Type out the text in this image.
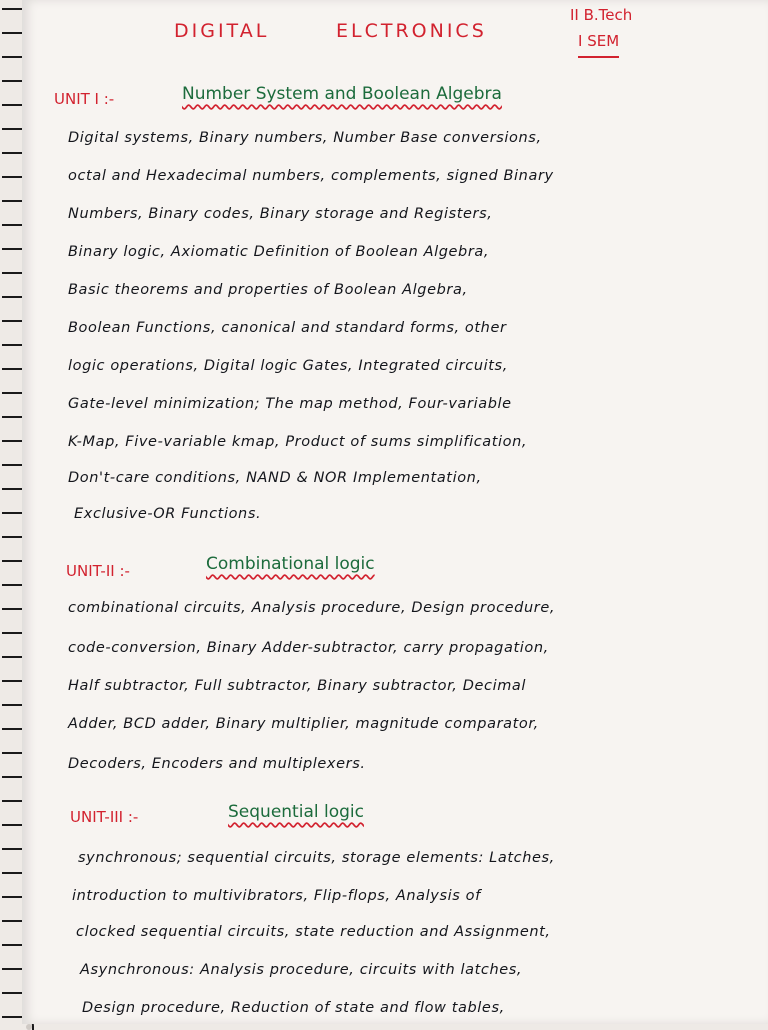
DIGITAL	ELCTRONICS
II B.Tech
I SEM
UNIT I :-	Number System and Boolean Algebra
Digital systems, Binary numbers, Number Base conversions,
octal and Hexadecimal numbers, complements, signed Binary
Numbers, Binary codes, Binary storage and Registers,
Binary logic, Axiomatic Definition of Boolean Algebra,
Basic theorems and properties of Boolean Algebra,
Boolean Functions, canonical and standard forms, other
logic operations, Digital logic Gates, Integrated circuits,
Gate-level minimization; The map method, Four-variable
K-Map, Five-variable kmap, Product of sums simplification,
Don't-care conditions, NAND & NOR Implementation,
Exclusive-OR Functions.
UNIT-II :-	Combinational logic
combinational circuits, Analysis procedure, Design procedure,
code-conversion, Binary Adder-subtractor, carry propagation,
Half subtractor, Full subtractor, Binary subtractor, Decimal
Adder, BCD adder, Binary multiplier, magnitude comparator,
Decoders, Encoders and multiplexers.
UNIT-III :-	Sequential logic
synchronous; sequential circuits, storage elements: Latches,
introduction to multivibrators, Flip-flops, Analysis of
clocked sequential circuits, state reduction and Assignment,
Asynchronous: Analysis procedure, circuits with latches,
Design procedure, Reduction of state and flow tables,
